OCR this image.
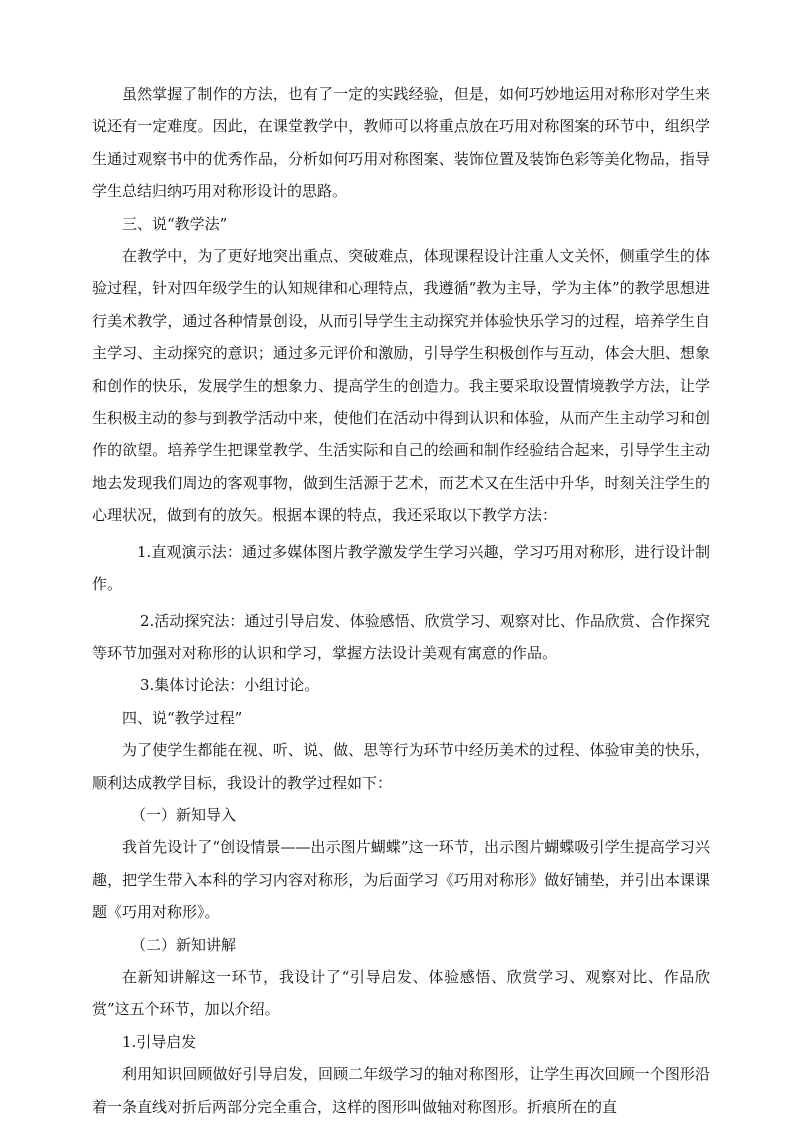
虽然掌握了制作的方法，也有了一定的实践经验，但是，如何巧妙地运用对称形对学生来说还有一定难度。因此，在课堂教学中，教师可以将重点放在巧用对称图案的环节中，组织学生通过观察书中的优秀作品，分析如何巧用对称图案、装饰位置及装饰色彩等美化物品，指导学生总结归纳巧用对称形设计的思路。

三、说“教学法”

在教学中，为了更好地突出重点、突破难点，体现课程设计注重人文关怀，侧重学生的体验过程，针对四年级学生的认知规律和心理特点，我遵循“教为主导，学为主体”的教学思想进行美术教学，通过各种情景创设，从而引导学生主动探究并体验快乐学习的过程，培养学生自主学习、主动探究的意识；通过多元评价和激励，引导学生积极创作与互动，体会大胆、想象和创作的快乐，发展学生的想象力、提高学生的创造力。我主要采取设置情境教学方法，让学生积极主动的参与到教学活动中来，使他们在活动中得到认识和体验，从而产生主动学习和创作的欲望。培养学生把课堂教学、生活实际和自己的绘画和制作经验结合起来，引导学生主动地去发现我们周边的客观事物，做到生活源于艺术，而艺术又在生活中升华，时刻关注学生的心理状况，做到有的放矢。根据本课的特点，我还采取以下教学方法：

1.直观演示法：通过多媒体图片教学激发学生学习兴趣，学习巧用对称形，进行设计制作。

2.活动探究法：通过引导启发、体验感悟、欣赏学习、观察对比、作品欣赏、合作探究等环节加强对对称形的认识和学习，掌握方法设计美观有寓意的作品。

3.集体讨论法：小组讨论。

四、说“教学过程”

为了使学生都能在视、听、说、做、思等行为环节中经历美术的过程、体验审美的快乐，顺利达成教学目标，我设计的教学过程如下：

（一）新知导入

我首先设计了“创设情景——出示图片蝴蝶”这一环节，出示图片蝴蝶吸引学生提高学习兴趣，把学生带入本科的学习内容对称形，为后面学习《巧用对称形》做好铺垫，并引出本课课题《巧用对称形》。

（二）新知讲解

在新知讲解这一环节，我设计了“引导启发、体验感悟、欣赏学习、观察对比、作品欣赏”这五个环节，加以介绍。

1.引导启发

利用知识回顾做好引导启发，回顾二年级学习的轴对称图形，让学生再次回顾一个图形沿着一条直线对折后两部分完全重合，这样的图形叫做轴对称图形。折痕所在的直
